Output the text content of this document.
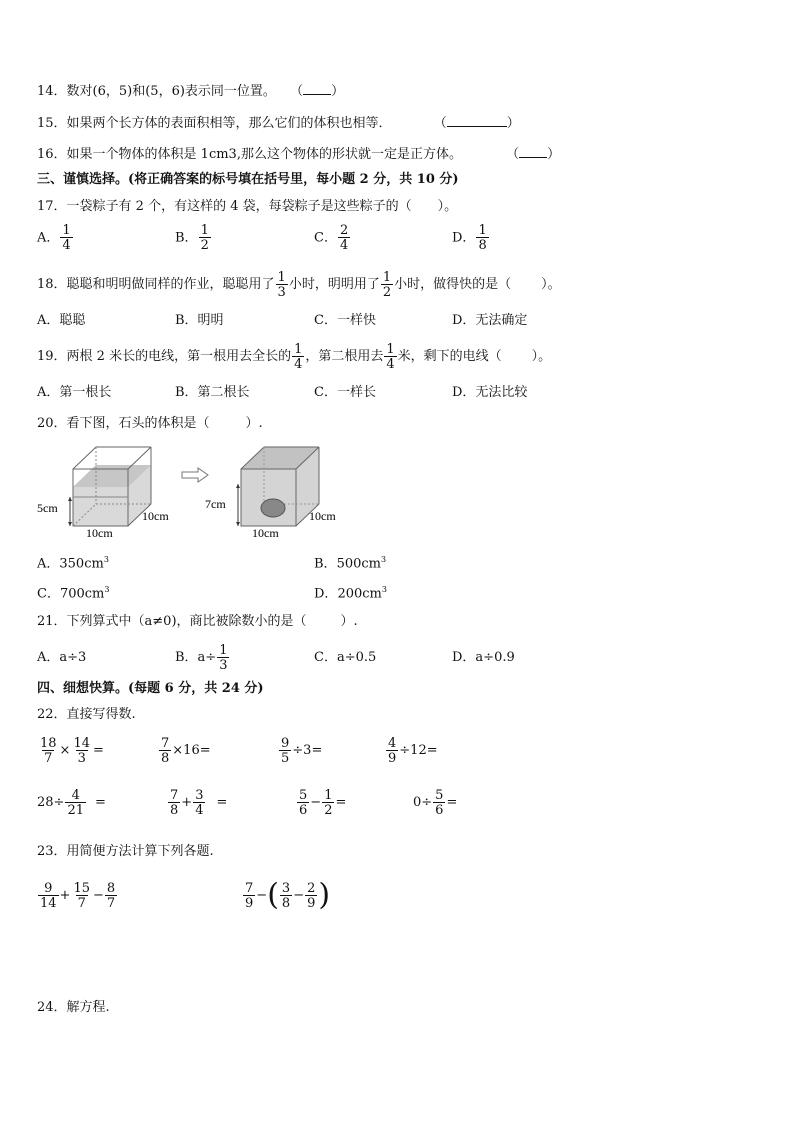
14．数对(6，5)和(5，6)表示同一位置。 （ ）
15．如果两个长方体的表面积相等，那么它们的体积也相等．	（	）
16．如果一个物体的体积是 1cm3,那么这个物体的形状就一定是正方体。	（ ）
三、谨慎选择。(将正确答案的标号填在括号里，每小题 2 分，共 10 分)
17．一袋粽子有 2 个，有这样的 4 袋，每袋粽子是这些粽子的（ ）。
A． $\frac{1}{4}$	B． $\frac{1}{2}$	C． $\frac{2}{4}$	D． $\frac{1}{8}$
18．聪聪和明明做同样的作业，聪聪用了 $\frac{1}{3}$ 小时，明明用了 $\frac{1}{2}$ 小时，做得快的是（ ）。
A．聪聪	B．明明	C．一样快	D．无法确定
19．两根 2 米长的电线，第一根用去全长的 $\frac{1}{4}$ ，第二根用去 $\frac{1}{4}$ 米，剩下的电线（ ）。
A．第一根长	B．第二根长	C．一样长	D．无法比较
20．看下图，石头的体积是（	）.
5cm
10cm
10cm
7cm
10cm
10cm
A．$350cm^3$	B．$500cm^3$
C．$700cm^3$	D．$200cm^3$
21．下列算式中（a≠0)，商比被除数小的是（	）.
A．a÷3	B．$a\div \frac{1}{3}$	C．a÷0.5	D．a÷0.9
四、细想快算。(每题 6 分，共 24 分)
22．直接写得数.
$\frac{18}{7} \times \frac{14}{3}$ =	$\frac{7}{8} \times 16=$	$\frac{9}{5} \div 3=$	$\frac{4}{9} \div 12=$
$28\div \frac{4}{21}$ =	$\frac{7}{8} + \frac{3}{4}$ =	$\frac{5}{6} - \frac{1}{2}$ =	$0\div \frac{5}{6}$ =
23．用简便方法计算下列各题.
$\frac{9}{14} + \frac{15}{7} - \frac{8}{7}$	$\frac{7}{9}$ −( $\frac{3}{8} - \frac{2}{9}$ )
24．解方程.
